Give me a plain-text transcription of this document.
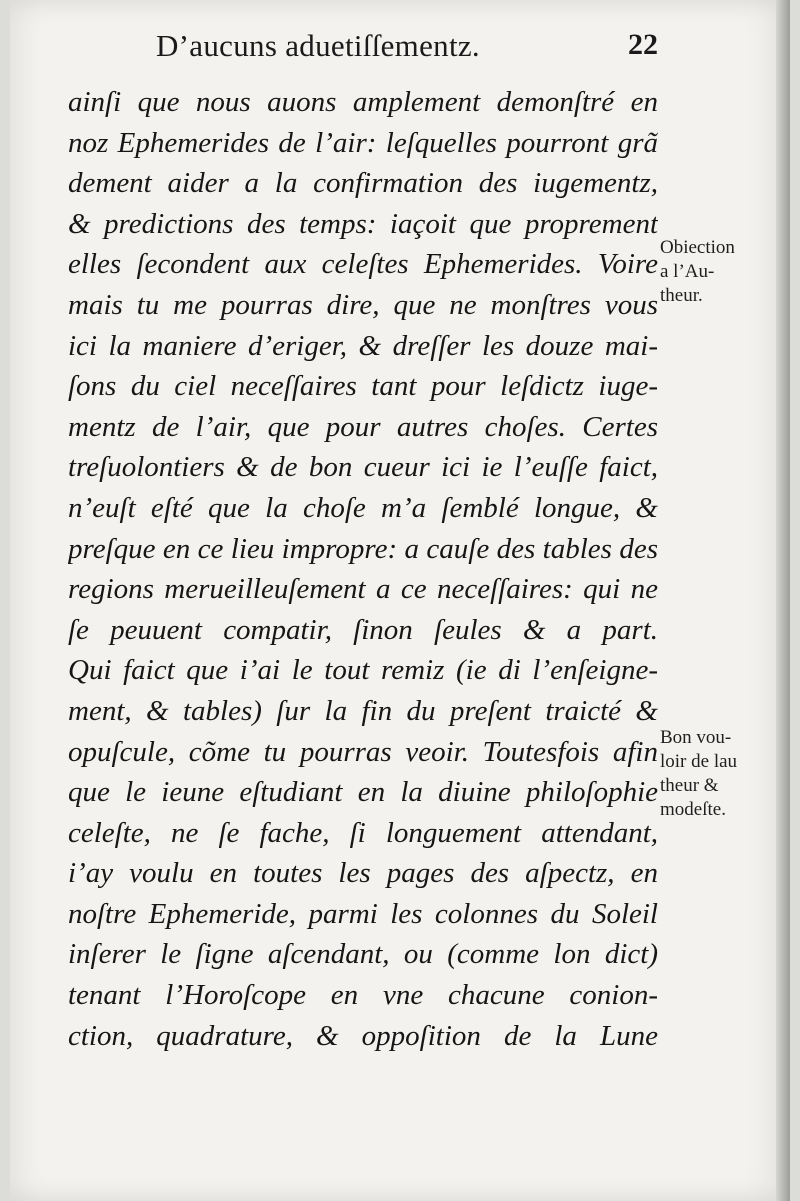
D’aucuns aduetiſſementz.	22
ainſi que nous auons amplement demonſtré en
noz Ephemerides de l’air: leſquelles pourront grã
dement aider a la confirmation des iugementz,
& predictions des temps: iaçoit que proprement
elles ſecondent aux celeſtes Ephemerides. Voire
mais tu me pourras dire, que ne monſtres vous
ici la maniere d’eriger, & dreſſer les douze mai-
ſons du ciel neceſſaires tant pour leſdictz iuge-
mentz de l’air, que pour autres choſes. Certes
treſuolontiers & de bon cueur ici ie l’euſſe faict,
n’euſt eſté que la choſe m’a ſemblé longue, &
preſque en ce lieu impropre: a cauſe des tables des
regions merueilleuſement a ce neceſſaires: qui ne
ſe peuuent compatir, ſinon ſeules & a part.
Qui faict que i’ai le tout remiz (ie di l’enſeigne-
ment, & tables) ſur la fin du preſent traicté &
opuſcule, cõme tu pourras veoir. Toutesfois afin
que le ieune eſtudiant en la diuine philoſophie
celeſte, ne ſe fache, ſi longuement attendant,
i’ay voulu en toutes les pages des aſpectz, en
noſtre Ephemeride, parmi les colonnes du Soleil
inſerer le ſigne aſcendant, ou (comme lon dict)
tenant l’Horoſcope en vne chacune conion-
ction, quadrature, & oppoſition de la Lune
Obiection
a l’Au-
theur.
Bon vou-
loir de lau
theur &
modeſte.
